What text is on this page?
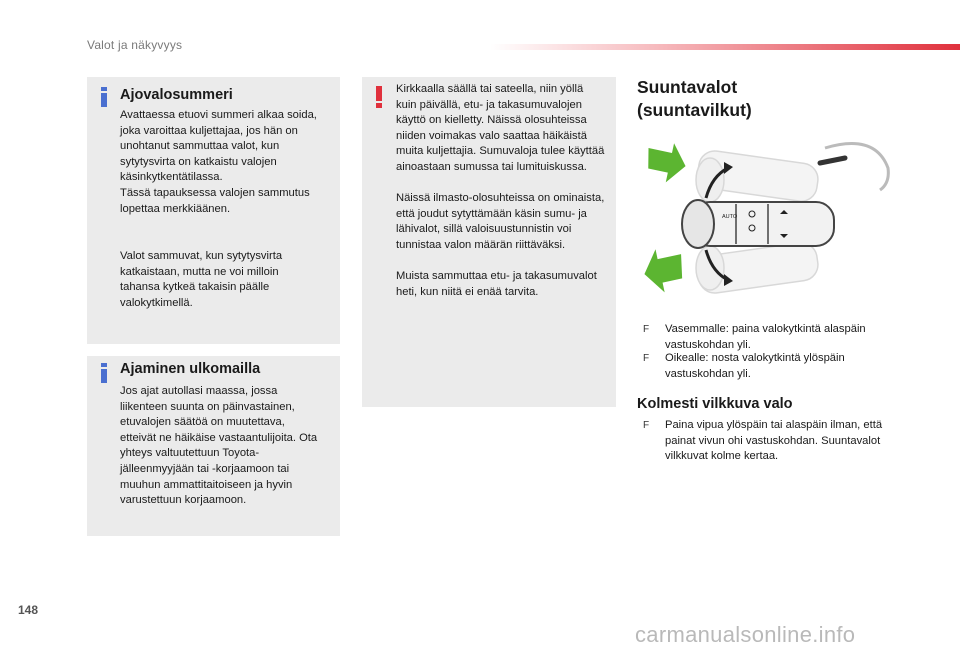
Valot ja näkyvyys
Ajovalosummeri
Avattaessa etuovi summeri alkaa soida, joka varoittaa kuljettajaa, jos hän on unohtanut sammuttaa valot, kun sytytysvirta on katkaistu valojen käsinkytkentätilassa.
Tässä tapauksessa valojen sammutus lopettaa merkkiäänen.
Valot sammuvat, kun sytytysvirta katkaistaan, mutta ne voi milloin tahansa kytkeä takaisin päälle valokytkimellä.
Ajaminen ulkomailla
Jos ajat autollasi maassa, jossa liikenteen suunta on päinvastainen, etuvalojen säätöä on muutettava, etteivät ne häikäise vastaantulijoita. Ota yhteys valtuutettuun Toyota-jälleenmyyjään tai -korjaamoon tai muuhun ammattitaitoiseen ja hyvin varustettuun korjaamoon.
Kirkkaalla säällä tai sateella, niin yöllä kuin päivällä, etu- ja takasumuvalojen käyttö on kielletty. Näissä olosuhteissa niiden voimakas valo saattaa häikäistä muita kuljettajia. Sumuvaloja tulee käyttää ainoastaan sumussa tai lumituiskussa.
Näissä ilmasto-olosuhteissa on ominaista, että joudut sytyttämään käsin sumu- ja lähivalot, sillä valoisuustunnistin voi tunnistaa valon määrän riittäväksi.
Muista sammuttaa etu- ja takasumuvalot heti, kun niitä ei enää tarvita.
Suuntavalot
(suuntavilkut)
AUTO
F Vasemmalle: paina valokytkintä alaspäin vastuskohdan yli.
F Oikealle: nosta valokytkintä ylöspäin vastuskohdan yli.
Kolmesti vilkkuva valo
F Paina vipua ylöspäin tai alaspäin ilman, että painat vivun ohi vastuskohdan. Suuntavalot vilkkuvat kolme kertaa.
148
carmanualsonline.info
